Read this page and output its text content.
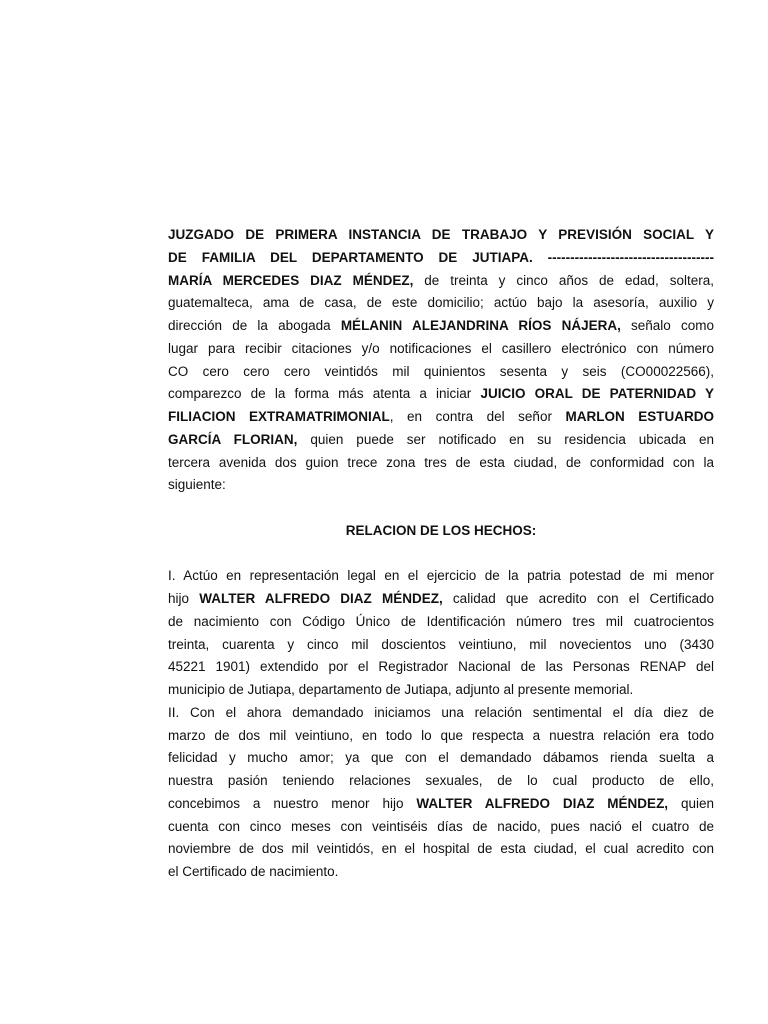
JUZGADO DE PRIMERA INSTANCIA DE TRABAJO Y PREVISIÓN SOCIAL Y
DE FAMILIA DEL DEPARTAMENTO DE JUTIAPA. -------------------------------------
MARÍA MERCEDES DIAZ MÉNDEZ, de treinta y cinco años de edad, soltera,
guatemalteca, ama de casa, de este domicilio; actúo bajo la asesoría, auxilio y
dirección de la abogada MÉLANIN ALEJANDRINA RÍOS NÁJERA, señalo como
lugar para recibir citaciones y/o notificaciones el casillero electrónico con número
CO cero cero cero veintidós mil quinientos sesenta y seis (CO00022566),
comparezco de la forma más atenta a iniciar JUICIO ORAL DE PATERNIDAD Y
FILIACION EXTRAMATRIMONIAL, en contra del señor MARLON ESTUARDO
GARCÍA FLORIAN, quien puede ser notificado en su residencia ubicada en
tercera avenida dos guion trece zona tres de esta ciudad, de conformidad con la
siguiente:
RELACION DE LOS HECHOS:
I. Actúo en representación legal en el ejercicio de la patria potestad de mi menor
hijo WALTER ALFREDO DIAZ MÉNDEZ, calidad que acredito con el Certificado
de nacimiento con Código Único de Identificación número tres mil cuatrocientos
treinta, cuarenta y cinco mil doscientos veintiuno, mil novecientos uno (3430
45221 1901) extendido por el Registrador Nacional de las Personas RENAP del
municipio de Jutiapa, departamento de Jutiapa, adjunto al presente memorial.
II. Con el ahora demandado iniciamos una relación sentimental el día diez de
marzo de dos mil veintiuno, en todo lo que respecta a nuestra relación era todo
felicidad y mucho amor; ya que con el demandado dábamos rienda suelta a
nuestra pasión teniendo relaciones sexuales, de lo cual producto de ello,
concebimos a nuestro menor hijo WALTER ALFREDO DIAZ MÉNDEZ, quien
cuenta con cinco meses con veintiséis días de nacido, pues nació el cuatro de
noviembre de dos mil veintidós, en el hospital de esta ciudad, el cual acredito con
el Certificado de nacimiento.
